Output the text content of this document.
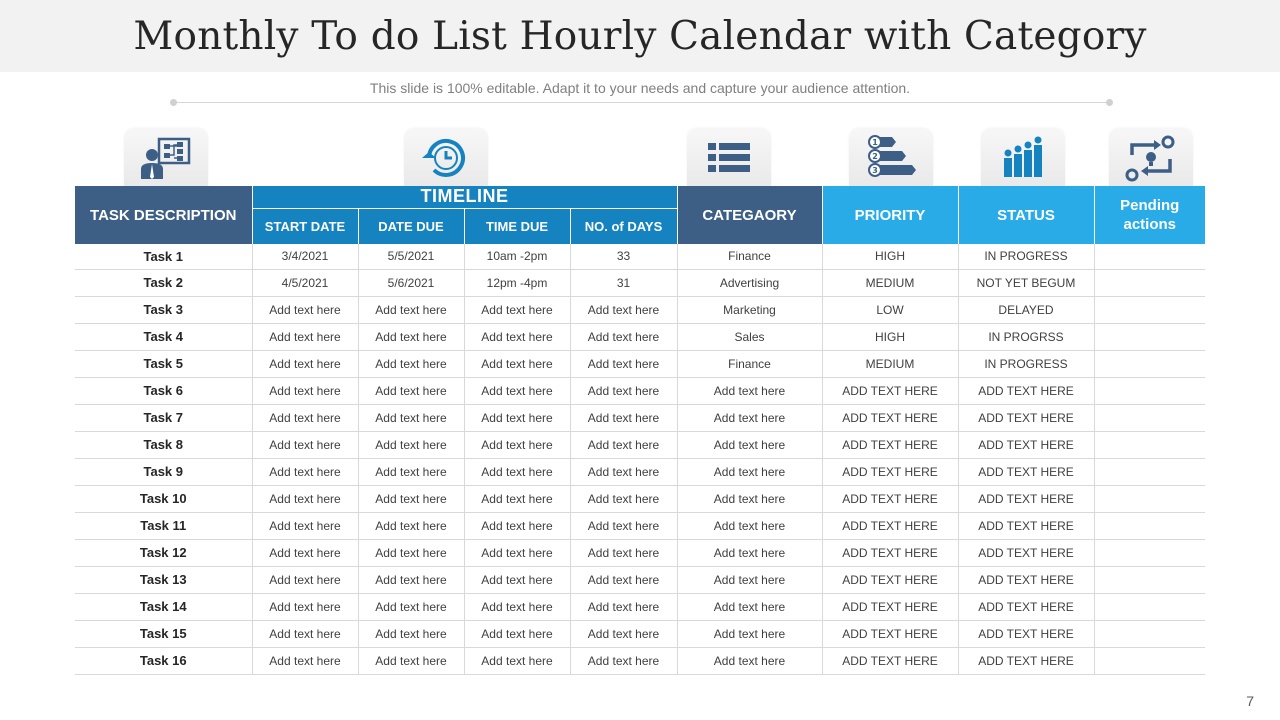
Monthly To do List Hourly Calendar with Category
This slide is 100% editable. Adapt it to your needs and capture your audience attention.
1
2
3
TASK DESCRIPTION	TIMELINE				CATEGAORY	PRIORITY	STATUS	Pending actions
	START DATE	DATE DUE	TIME DUE	NO. of DAYS				
Task 1	3/4/2021	5/5/2021	10am -2pm	33	Finance	HIGH	IN PROGRESS	
Task 2	4/5/2021	5/6/2021	12pm -4pm	31	Advertising	MEDIUM	NOT YET BEGUM	
Task 3	Add text here	Add text here	Add text here	Add text here	Marketing	LOW	DELAYED	
Task 4	Add text here	Add text here	Add text here	Add text here	Sales	HIGH	IN PROGRSS	
Task 5	Add text here	Add text here	Add text here	Add text here	Finance	MEDIUM	IN PROGRESS	
Task 6	Add text here	Add text here	Add text here	Add text here	Add text here	ADD TEXT HERE	ADD TEXT HERE	
Task 7	Add text here	Add text here	Add text here	Add text here	Add text here	ADD TEXT HERE	ADD TEXT HERE	
Task 8	Add text here	Add text here	Add text here	Add text here	Add text here	ADD TEXT HERE	ADD TEXT HERE	
Task 9	Add text here	Add text here	Add text here	Add text here	Add text here	ADD TEXT HERE	ADD TEXT HERE	
Task 10	Add text here	Add text here	Add text here	Add text here	Add text here	ADD TEXT HERE	ADD TEXT HERE	
Task 11	Add text here	Add text here	Add text here	Add text here	Add text here	ADD TEXT HERE	ADD TEXT HERE	
Task 12	Add text here	Add text here	Add text here	Add text here	Add text here	ADD TEXT HERE	ADD TEXT HERE	
Task 13	Add text here	Add text here	Add text here	Add text here	Add text here	ADD TEXT HERE	ADD TEXT HERE	
Task 14	Add text here	Add text here	Add text here	Add text here	Add text here	ADD TEXT HERE	ADD TEXT HERE	
Task 15	Add text here	Add text here	Add text here	Add text here	Add text here	ADD TEXT HERE	ADD TEXT HERE	
Task 16	Add text here	Add text here	Add text here	Add text here	Add text here	ADD TEXT HERE	ADD TEXT HERE	
7
